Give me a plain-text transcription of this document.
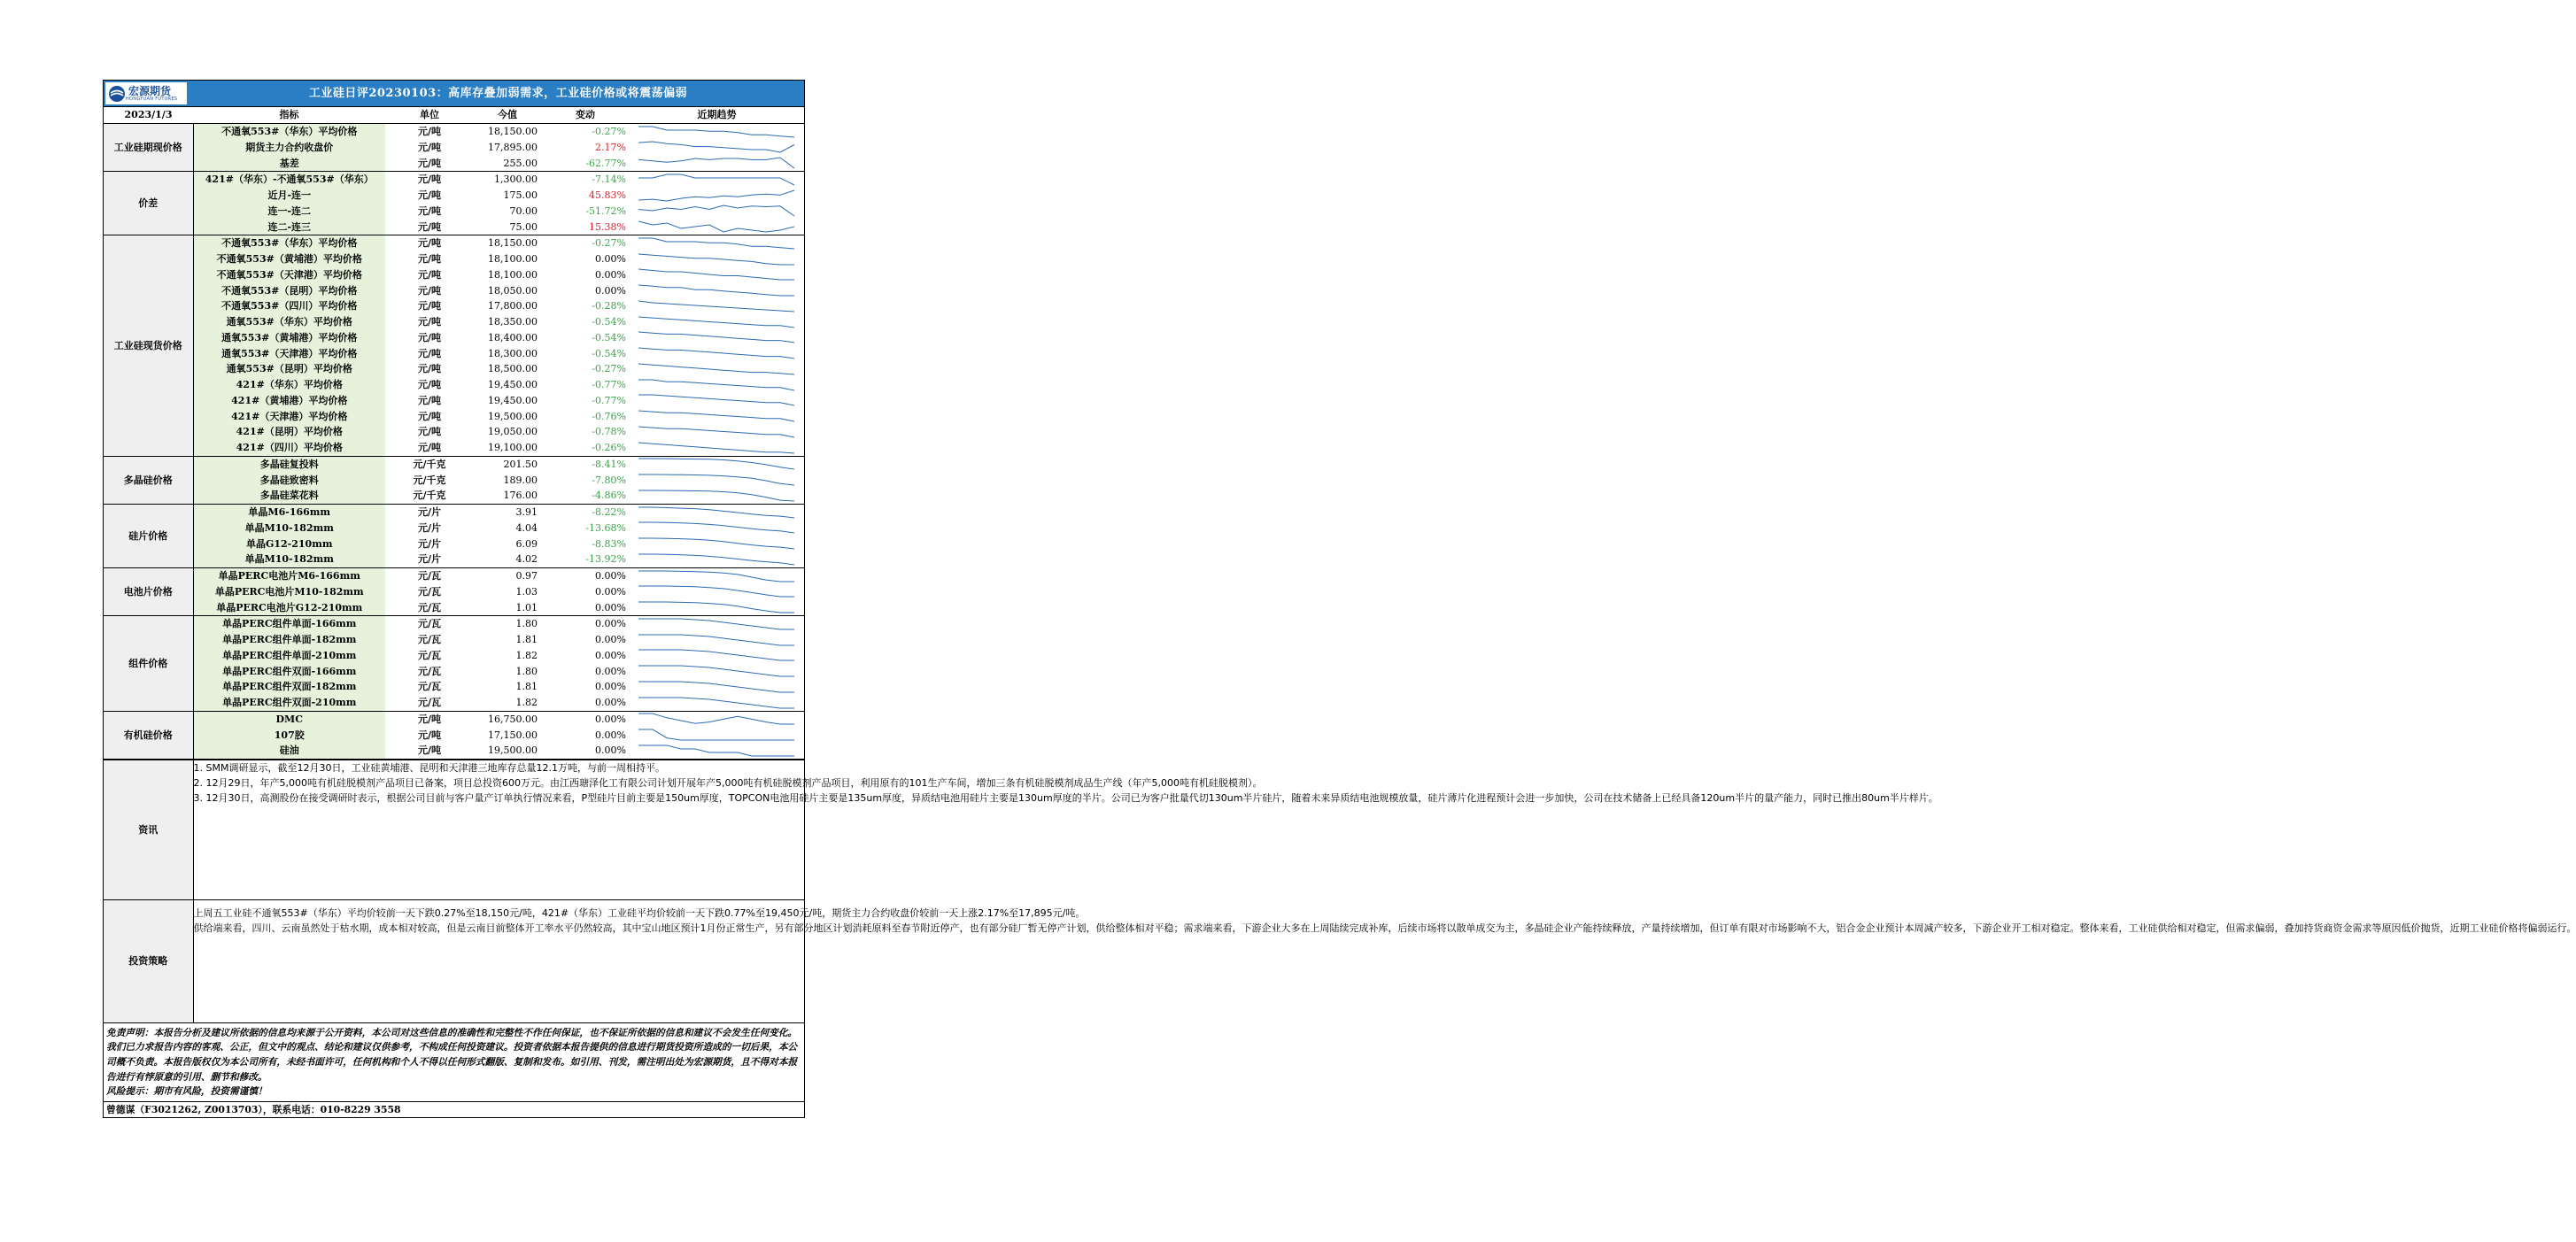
宏源期货
HONGYUAN FUTURES	工业硅日评20230103：高库存叠加弱需求，工业硅价格或将震荡偏弱
2023/1/3	指标	单位	今值	变动	近期趋势
工业硅期现价格	不通氧553#（华东）平均价格	元/吨	18,150.00	-0.27%	

	期货主力合约收盘价	元/吨	17,895.00	2.17%	

	基差	元/吨	255.00	-62.77%	

价差	421#（华东）-不通氧553#（华东）	元/吨	1,300.00	-7.14%	

	近月-连一	元/吨	175.00	45.83%	

	连一-连二	元/吨	70.00	-51.72%	

	连二-连三	元/吨	75.00	15.38%	

工业硅现货价格	不通氧553#（华东）平均价格	元/吨	18,150.00	-0.27%	

	不通氧553#（黄埔港）平均价格	元/吨	18,100.00	0.00%	

	不通氧553#（天津港）平均价格	元/吨	18,100.00	0.00%	

	不通氧553#（昆明）平均价格	元/吨	18,050.00	0.00%	

	不通氧553#（四川）平均价格	元/吨	17,800.00	-0.28%	

	通氧553#（华东）平均价格	元/吨	18,350.00	-0.54%	

	通氧553#（黄埔港）平均价格	元/吨	18,400.00	-0.54%	

	通氧553#（天津港）平均价格	元/吨	18,300.00	-0.54%	

	通氧553#（昆明）平均价格	元/吨	18,500.00	-0.27%	

	421#（华东）平均价格	元/吨	19,450.00	-0.77%	

	421#（黄埔港）平均价格	元/吨	19,450.00	-0.77%	

	421#（天津港）平均价格	元/吨	19,500.00	-0.76%	

	421#（昆明）平均价格	元/吨	19,050.00	-0.78%	

	421#（四川）平均价格	元/吨	19,100.00	-0.26%	

多晶硅价格	多晶硅复投料	元/千克	201.50	-8.41%	

	多晶硅致密料	元/千克	189.00	-7.80%	

	多晶硅菜花料	元/千克	176.00	-4.86%	

硅片价格	单晶M6-166mm	元/片	3.91	-8.22%	

	单晶M10-182mm	元/片	4.04	-13.68%	

	单晶G12-210mm	元/片	6.09	-8.83%	

	单晶M10-182mm	元/片	4.02	-13.92%	

电池片价格	单晶PERC电池片M6-166mm	元/瓦	0.97	0.00%	

	单晶PERC电池片M10-182mm	元/瓦	1.03	0.00%	

	单晶PERC电池片G12-210mm	元/瓦	1.01	0.00%	

组件价格	单晶PERC组件单面-166mm	元/瓦	1.80	0.00%	

	单晶PERC组件单面-182mm	元/瓦	1.81	0.00%	

	单晶PERC组件单面-210mm	元/瓦	1.82	0.00%	

	单晶PERC组件双面-166mm	元/瓦	1.80	0.00%	

	单晶PERC组件双面-182mm	元/瓦	1.81	0.00%	

	单晶PERC组件双面-210mm	元/瓦	1.82	0.00%	

有机硅价格	DMC	元/吨	16,750.00	0.00%	

	107胶	元/吨	17,150.00	0.00%	

	硅油	元/吨	19,500.00	0.00%	
资讯	1. SMM调研显示，截至12月30日，工业硅黄埔港、昆明和天津港三地库存总量12.1万吨，与前一周相持平。

2. 12月29日，年产5,000吨有机硅脱模剂产品项目已备案，项目总投资600万元。由江西瑭泽化工有限公司计划开展年产5,000吨有机硅脱模剂产品项目，利用原有的101生产车间，增加三条有机硅脱模剂成品生产线（年产5,000吨有机硅脱模剂）。

3. 12月30日，高测股份在接受调研时表示，根据公司目前与客户量产订单执行情况来看，P型硅片目前主要是150um厚度，TOPCON电池用硅片主要是135um厚度，异质结电池用硅片主要是130um厚度的半片。公司已为客户批量代切130um半片硅片，随着未来异质结电池规模放量，硅片薄片化进程预计会进一步加快，公司在技术储备上已经具备120um半片的量产能力，同时已推出80um半片样片。

投资策略	上周五工业硅不通氧553#（华东）平均价较前一天下跌0.27%至18,150元/吨，421#（华东）工业硅平均价较前一天下跌0.77%至19,450元/吨，期货主力合约收盘价较前一天上涨2.17%至17,895元/吨。

供给端来看，四川、云南虽然处于枯水期，成本相对较高，但是云南目前整体开工率水平仍然较高，其中宝山地区预计1月份正常生产，另有部分地区计划消耗原料至春节附近停产，也有部分硅厂暂无停产计划，供给整体相对平稳；需求端来看，下游企业大多在上周陆续完成补库，后续市场将以散单成交为主，多晶硅企业产能持续释放，产量持续增加，但订单有限对市场影响不大，铝合金企业预计本周减产较多，下游企业开工相对稳定。整体来看，工业硅供给相对稳定，但需求偏弱，叠加持货商资金需求等原因低价抛货，近期工业硅价格将偏弱运行。

免责声明：本报告分析及建议所依据的信息均来源于公开资料，本公司对这些信息的准确性和完整性不作任何保证，也不保证所依据的信息和建议不会发生任何变化。我们已力求报告内容的客观、公正，但文中的观点、结论和建议仅供参考，不构成任何投资建议。投资者依据本报告提供的信息进行期货投资所造成的一切后果，本公司概不负责。本报告版权仅为本公司所有，未经书面许可，任何机构和个人不得以任何形式翻版、复制和发布。如引用、刊发，需注明出处为宏源期货，且不得对本报告进行有悖原意的引用、删节和修改。
风险提示：期市有风险，投资需谨慎！
曾德谋（F3021262, Z0013703），联系电话：010-8229 3558
